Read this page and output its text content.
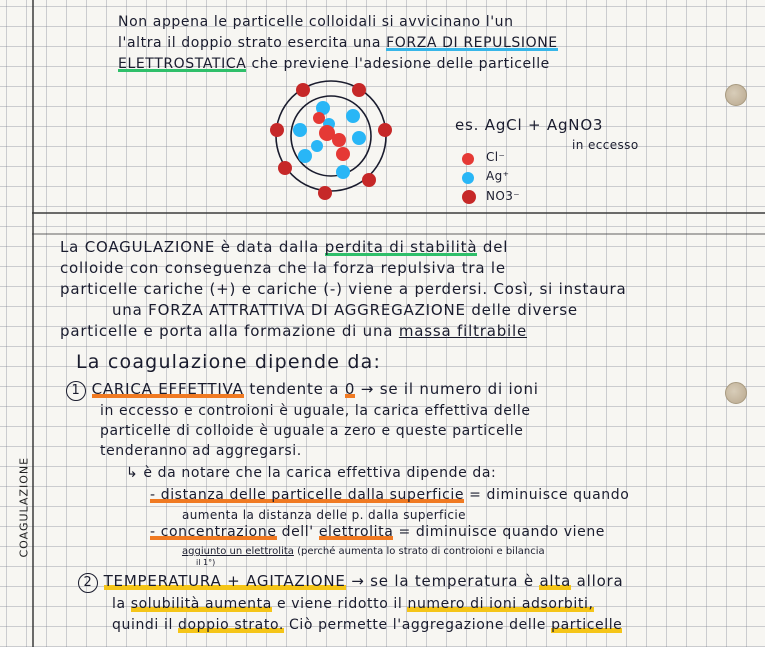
COAGULAZIONE
Non appena le particelle colloidali si avvicinano l'un
l'altra il doppio strato esercita una FORZA DI REPULSIONE
ELETTROSTATICA che previene l'adesione delle particelle
es. AgCl + AgNO3
in eccesso
Cl⁻
Ag⁺
NO3⁻
La COAGULAZIONE è data dalla perdita di stabilità del
colloide con conseguenza che la forza repulsiva tra le
particelle cariche (+) e cariche (-) viene a perdersi. Così, si instaura
una FORZA ATTRATTIVA DI AGGREGAZIONE delle diverse
particelle e porta alla formazione di una massa filtrabile
La coagulazione dipende da:
1 CARICA EFFETTIVA tendente a 0 → se il numero di ioni
in eccesso e controioni è uguale, la carica effettiva delle
particelle di colloide è uguale a zero e queste particelle
tenderanno ad aggregarsi.
↳ è da notare che la carica effettiva dipende da:
- distanza delle particelle dalla superficie = diminuisce quando
aumenta la distanza delle p. dalla superficie
- concentrazione dell' elettrolita = diminuisce quando viene
aggiunto un elettrolita (perché aumenta lo strato di controioni e bilancia
il 1°)
2 TEMPERATURA + AGITAZIONE → se la temperatura è alta allora
la solubilità aumenta e viene ridotto il numero di ioni adsorbiti,
quindi il doppio strato. Ciò permette l'aggregazione delle particelle
